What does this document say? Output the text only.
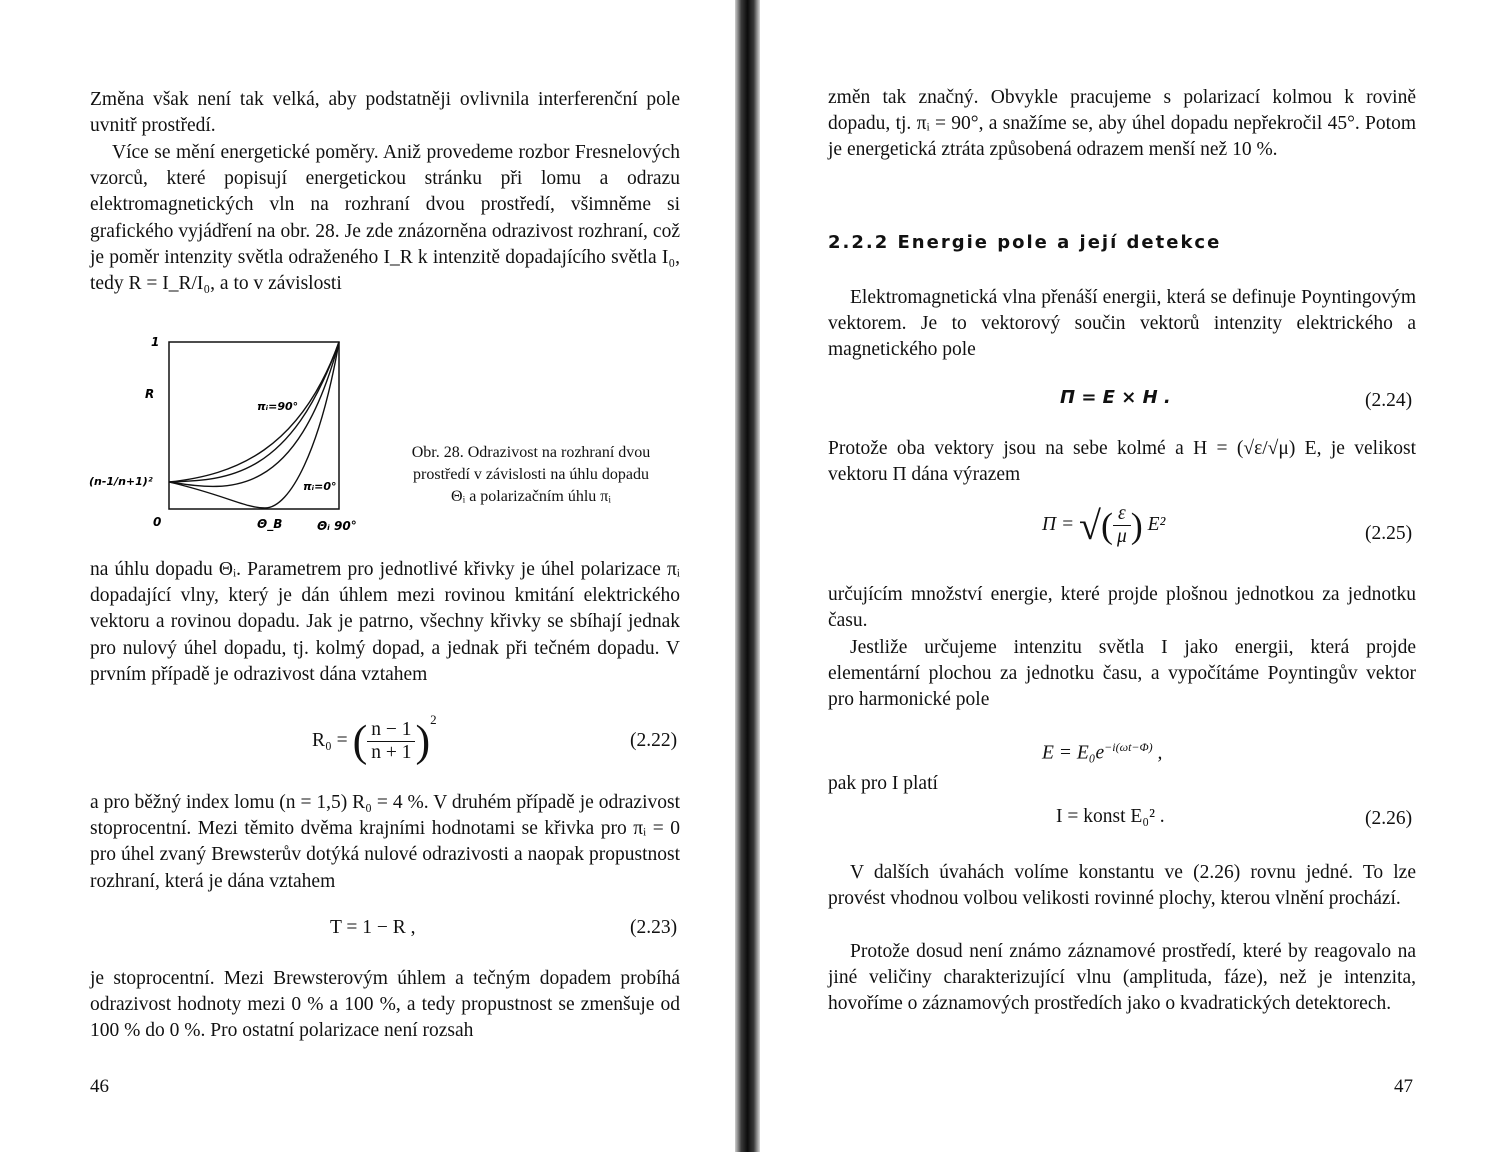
Změna však není tak velká, aby podstatněji ovlivnila interferenční pole uvnitř prostředí.

Více se mění energetické poměry. Aniž provedeme rozbor Fresnelových vzorců, které popisují energetickou stránku při lomu a odrazu elektromagnetických vln na rozhraní dvou prostředí, všimněme si grafického vyjádření na obr. 28. Je zde znázorněna odrazivost rozhraní, což je poměr intenzity světla odraženého I_R k intenzitě dopadajícího světla I₀, tedy R = I_R/I₀, a to v závislosti

1
R
(n-1/n+1)²
0
πᵢ=90°
πᵢ=0°
Θ_B	Θᵢ 90°
Obr. 28. Odrazivost na rozhraní dvou
prostředí v závislosti na úhlu dopadu
Θᵢ a polarizačním úhlu πᵢ

na úhlu dopadu Θᵢ. Parametrem pro jednotlivé křivky je úhel polarizace πᵢ dopadající vlny, který je dán úhlem mezi rovinou kmitání elektrického vektoru a rovinou dopadu. Jak je patrno, všechny křivky se sbíhají jednak pro nulový úhel dopadu, tj. kolmý dopad, a jednak při tečném dopadu. V prvním případě je odrazivost dána vztahem

R₀ = ( $\frac{n - 1}{n + 1} )^2$
(2.22)

a pro běžný index lomu (n = 1,5) R₀ = 4 %. V druhém případě je odrazivost stoprocentní. Mezi těmito dvěma krajními hodnotami se křivka pro πᵢ = 0 pro úhel zvaný Brewsterův dotýká nulové odrazivosti a naopak propustnost rozhraní, která je dána vztahem

T = 1 − R ,	(2.23)

je stoprocentní. Mezi Brewsterovým úhlem a tečným dopadem probíhá odrazivost hodnoty mezi 0 % a 100 %, a tedy propustnost se zmenšuje od 100 % do 0 %. Pro ostatní polarizace není rozsah

46

změn tak značný. Obvykle pracujeme s polarizací kolmou k rovině dopadu, tj. πᵢ = 90°, a snažíme se, aby úhel dopadu nepřekročil 45°. Potom je energetická ztráta způsobená odrazem menší než 10 %.

2.2.2 Energie pole a její detekce

Elektromagnetická vlna přenáší energii, která se definuje Poyntingovým vektorem. Je to vektorový součin vektorů intenzity elektrického a magnetického pole

Π = E × H .	(2.24)

Protože oba vektory jsou na sebe kolmé a H = (√ε/√μ) E, je velikost vektoru Π dána výrazem

Π = √( $\frac{\varepsilon}{\mu}$ ) E²	(2.25)

určujícím množství energie, které projde plošnou jednotkou za jednotku času.

Jestliže určujeme intenzitu světla I jako energii, která projde elementární plochou za jednotku času, a vypočítáme Poyntingův vektor pro harmonické pole

$E = E_0e^{-i(\omega t-\Phi)}$ ,

pak pro I platí

I = konst E₀² .	(2.26)

V dalších úvahách volíme konstantu ve (2.26) rovnu jedné. To lze provést vhodnou volbou velikosti rovinné plochy, kterou vlnění prochází.

Protože dosud není známo záznamové prostředí, které by reagovalo na jiné veličiny charakterizující vlnu (amplituda, fáze), než je intenzita, hovoříme o záznamových prostředích jako o kvadratických detektorech.

47
